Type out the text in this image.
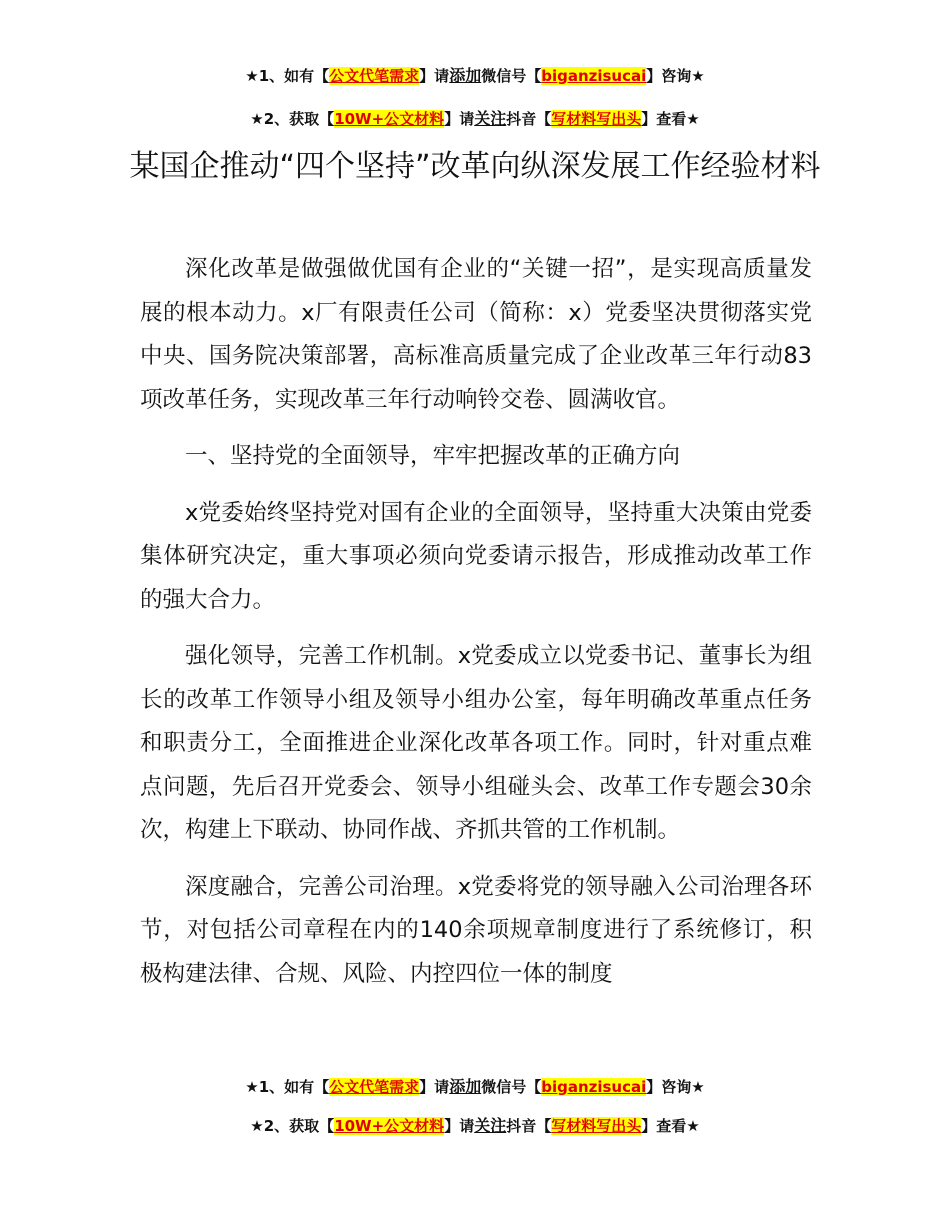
★1、如有【公文代笔需求】请添加微信号【biganzisucai】咨询★

★2、获取【10W+公文材料】请关注抖音【写材料写出头】查看★

某国企推动“四个坚持”改革向纵深发展工作经验材料

深化改革是做强做优国有企业的“关键一招”，是实现高质量发展的根本动力。x厂有限责任公司（简称：x）党委坚决贯彻落实党中央、国务院决策部署，高标准高质量完成了企业改革三年行动83项改革任务，实现改革三年行动响铃交卷、圆满收官。

一、坚持党的全面领导，牢牢把握改革的正确方向

x党委始终坚持党对国有企业的全面领导，坚持重大决策由党委集体研究决定，重大事项必须向党委请示报告，形成推动改革工作的强大合力。

强化领导，完善工作机制。x党委成立以党委书记、董事长为组长的改革工作领导小组及领导小组办公室，每年明确改革重点任务和职责分工，全面推进企业深化改革各项工作。同时，针对重点难点问题，先后召开党委会、领导小组碰头会、改革工作专题会30余次，构建上下联动、协同作战、齐抓共管的工作机制。

深度融合，完善公司治理。x党委将党的领导融入公司治理各环节，对包括公司章程在内的140余项规章制度进行了系统修订，积极构建法律、合规、风险、内控四位一体的制度

★1、如有【公文代笔需求】请添加微信号【biganzisucai】咨询★

★2、获取【10W+公文材料】请关注抖音【写材料写出头】查看★
